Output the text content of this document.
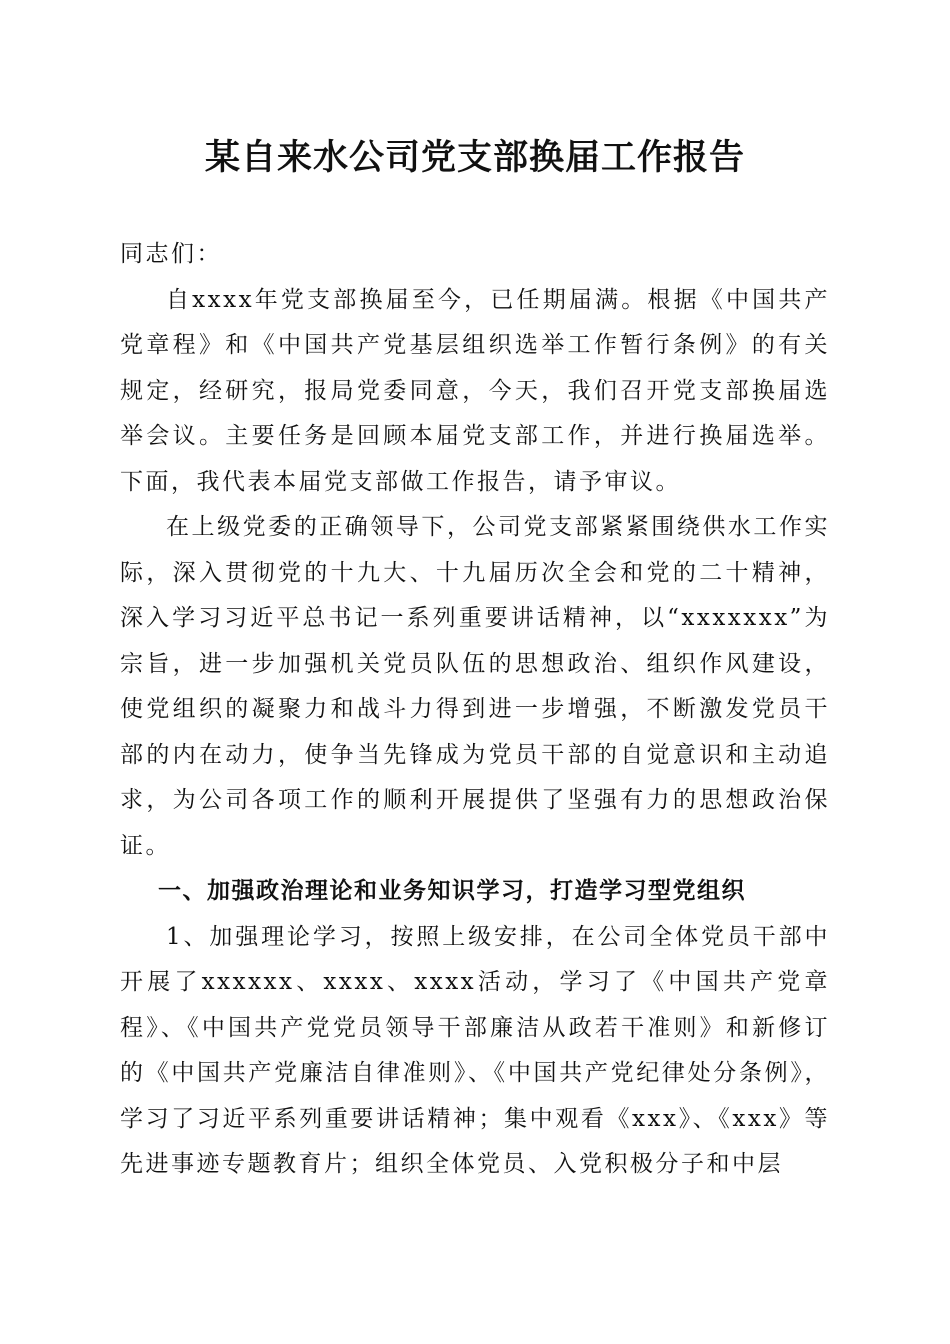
某自来水公司党支部换届工作报告

同志们：

自xxxx年党支部换届至今，已任期届满。根据《中国共产党章程》和《中国共产党基层组织选举工作暂行条例》的有关规定，经研究，报局党委同意，今天，我们召开党支部换届选举会议。主要任务是回顾本届党支部工作，并进行换届选举。下面，我代表本届党支部做工作报告，请予审议。

在上级党委的正确领导下，公司党支部紧紧围绕供水工作实际，深入贯彻党的十九大、十九届历次全会和党的二十精神，深入学习习近平总书记一系列重要讲话精神，以“xxxxxxx”为宗旨，进一步加强机关党员队伍的思想政治、组织作风建设，使党组织的凝聚力和战斗力得到进一步增强，不断激发党员干部的内在动力，使争当先锋成为党员干部的自觉意识和主动追求，为公司各项工作的顺利开展提供了坚强有力的思想政治保证。

一、加强政治理论和业务知识学习，打造学习型党组织

1、加强理论学习，按照上级安排，在公司全体党员干部中开展了xxxxxx、xxxx、xxxx活动，学习了《中国共产党章程》、《中国共产党党员领导干部廉洁从政若干准则》和新修订的《中国共产党廉洁自律准则》、《中国共产党纪律处分条例》，学习了习近平系列重要讲话精神；集中观看《xxx》、《xxx》等先进事迹专题教育片；组织全体党员、入党积极分子和中层
